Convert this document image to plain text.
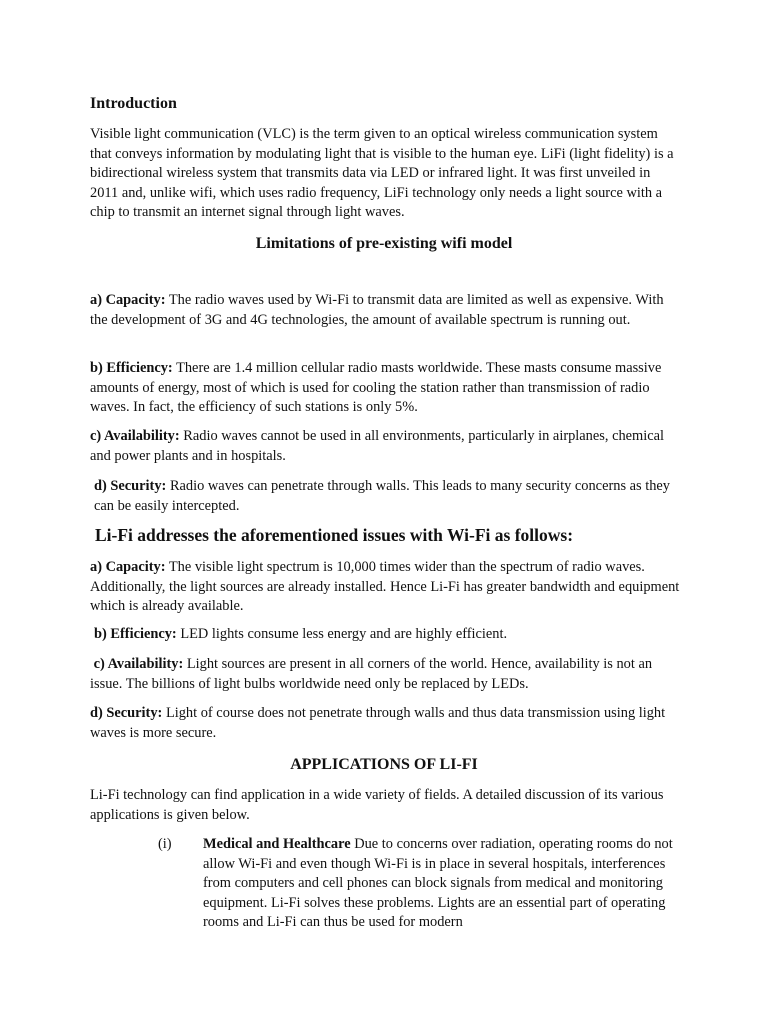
Introduction

Visible light communication (VLC) is the term given to an optical wireless communication system that conveys information by modulating light that is visible to the human eye. LiFi (light fidelity) is a bidirectional wireless system that transmits data via LED or infrared light. It was first unveiled in 2011 and, unlike wifi, which uses radio frequency, LiFi technology only needs a light source with a chip to transmit an internet signal through light waves.

Limitations of pre-existing wifi model

a) Capacity: The radio waves used by Wi-Fi to transmit data are limited as well as expensive. With the development of 3G and 4G technologies, the amount of available spectrum is running out.

b) Efficiency: There are 1.4 million cellular radio masts worldwide. These masts consume massive amounts of energy, most of which is used for cooling the station rather than transmission of radio waves. In fact, the efficiency of such stations is only 5%.

c) Availability: Radio waves cannot be used in all environments, particularly in airplanes, chemical and power plants and in hospitals.

d) Security: Radio waves can penetrate through walls. This leads to many security concerns as they can be easily intercepted.

Li-Fi addresses the aforementioned issues with Wi-Fi as follows:

a) Capacity: The visible light spectrum is 10,000 times wider than the spectrum of radio waves. Additionally, the light sources are already installed. Hence Li-Fi has greater bandwidth and equipment which is already available.

b) Efficiency: LED lights consume less energy and are highly efficient.

c) Availability: Light sources are present in all corners of the world. Hence, availability is not an issue. The billions of light bulbs worldwide need only be replaced by LEDs.

d) Security: Light of course does not penetrate through walls and thus data transmission using light waves is more secure.

APPLICATIONS OF LI-FI

Li-Fi technology can find application in a wide variety of fields. A detailed discussion of its various applications is given below.

(i) Medical and Healthcare Due to concerns over radiation, operating rooms do not allow Wi-Fi and even though Wi-Fi is in place in several hospitals, interferences from computers and cell phones can block signals from medical and monitoring equipment. Li-Fi solves these problems. Lights are an essential part of operating rooms and Li-Fi can thus be used for modern
